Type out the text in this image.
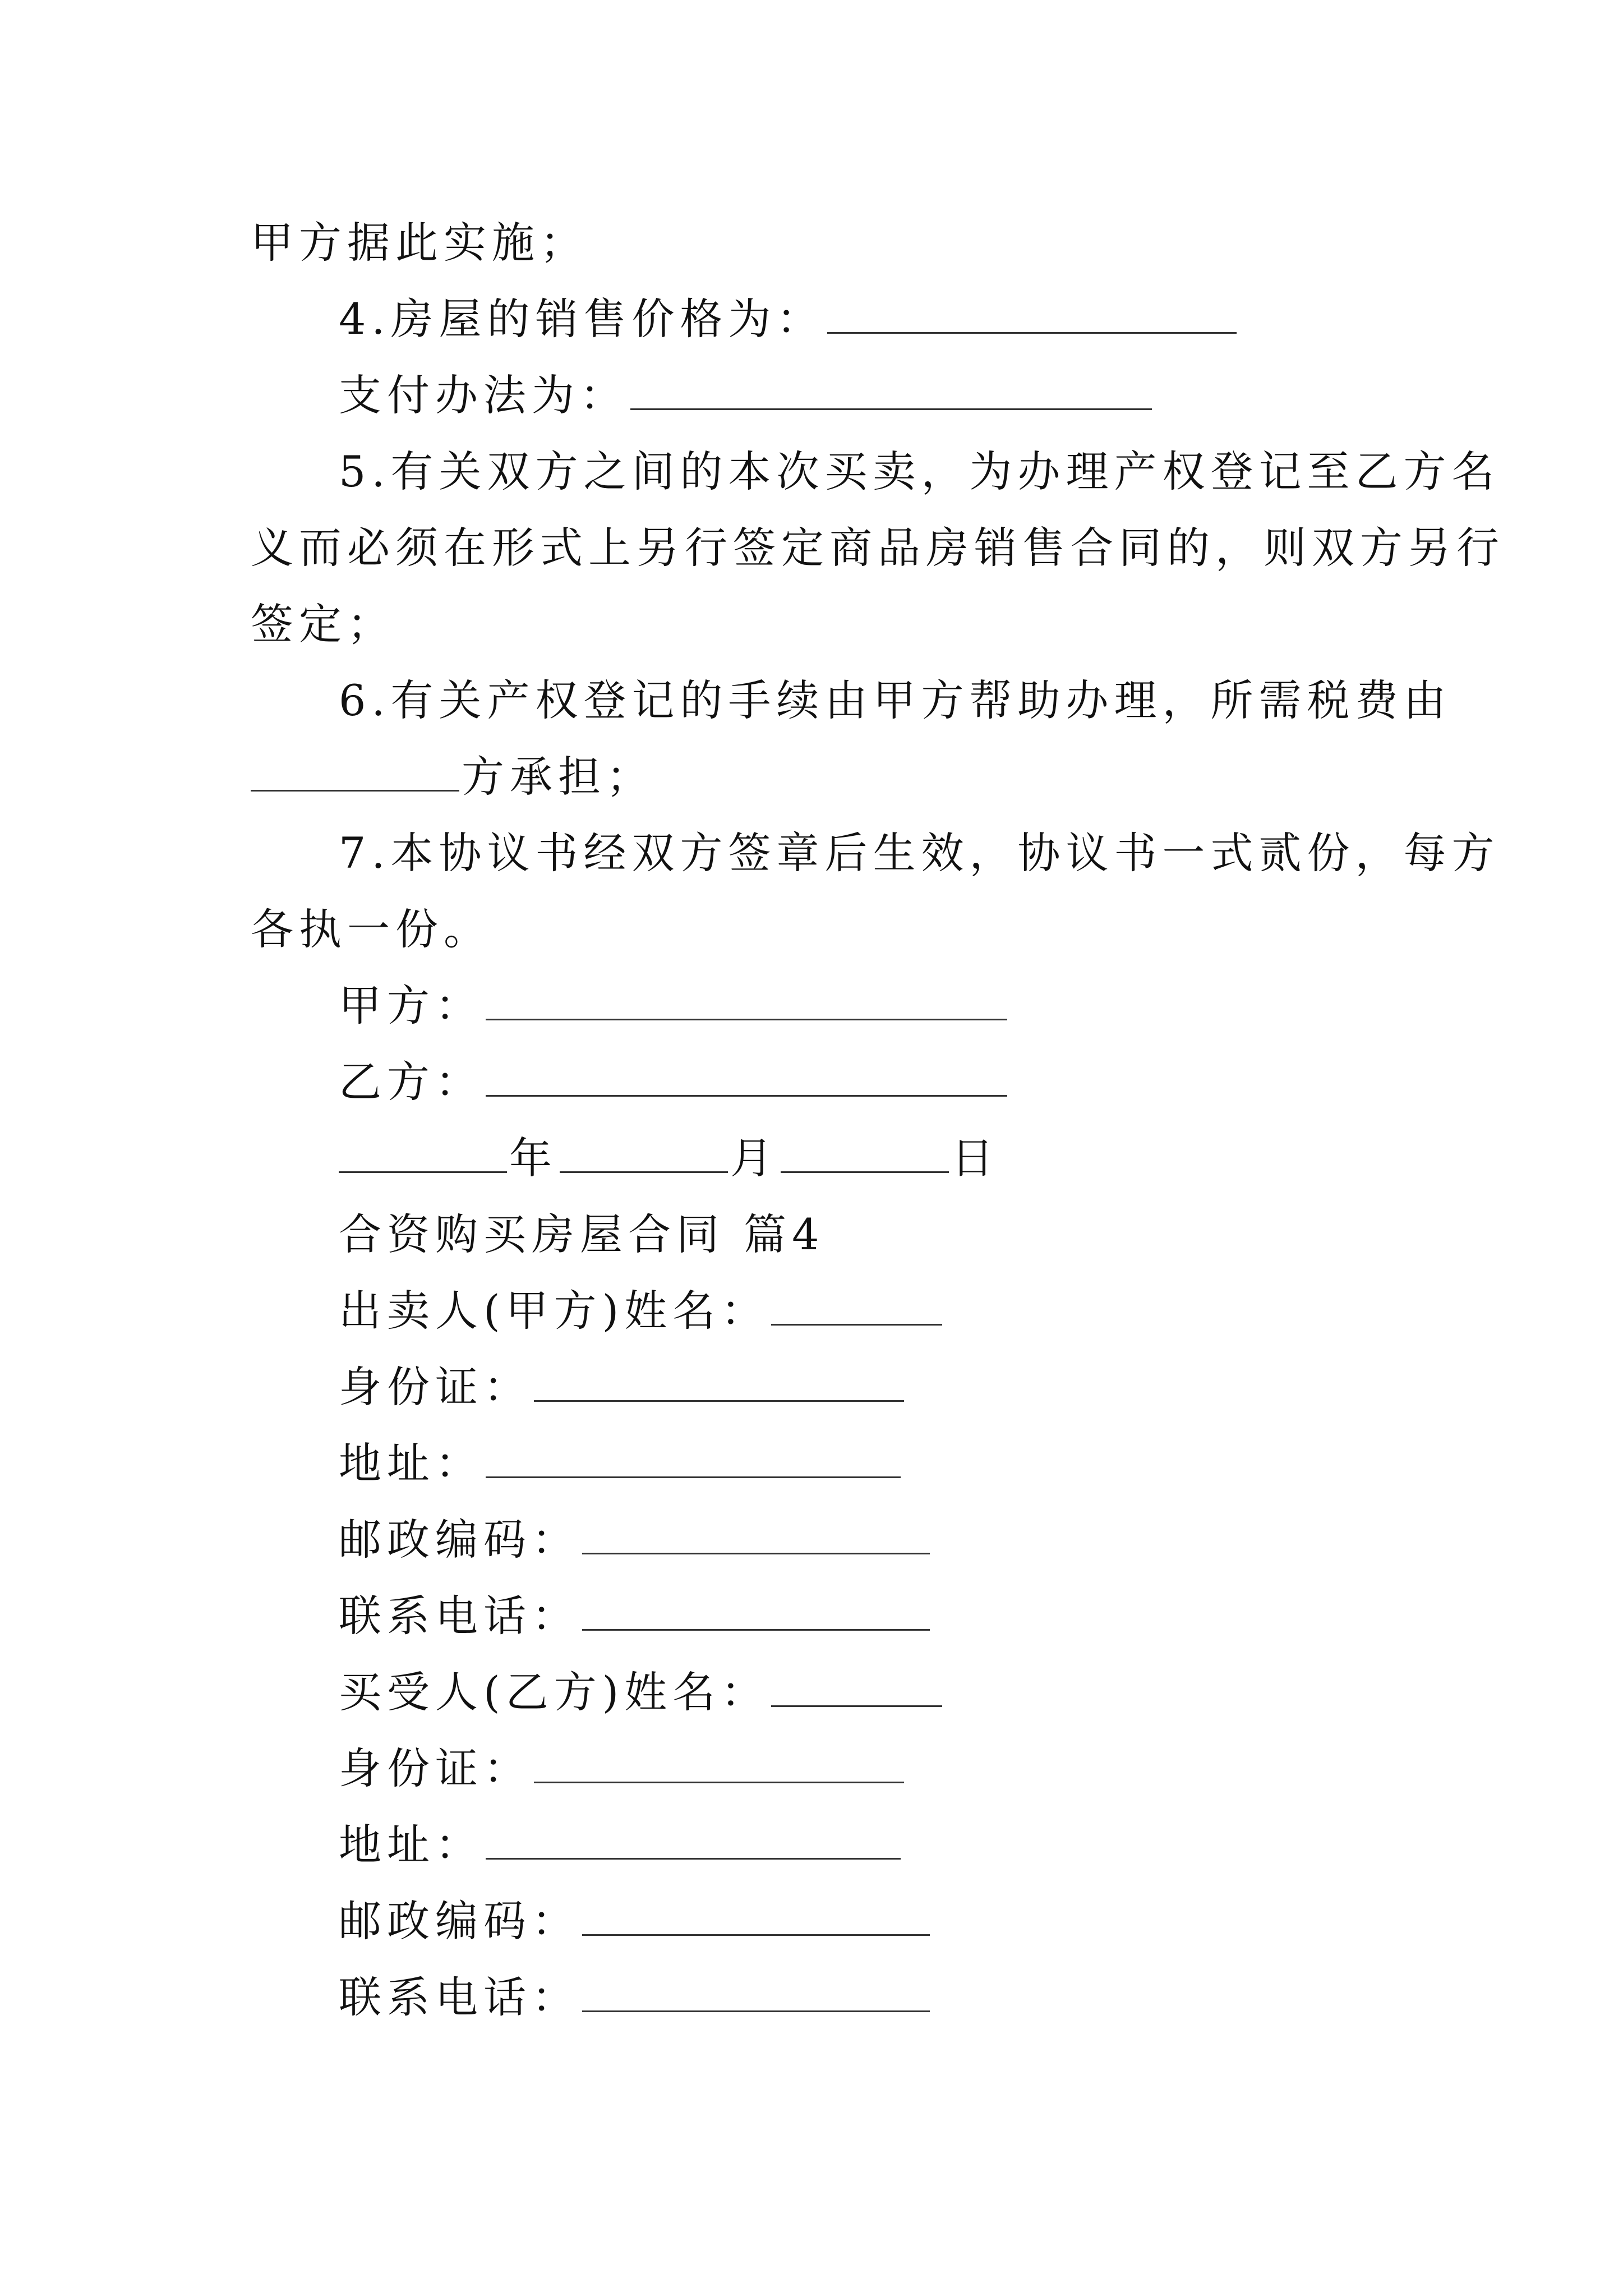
甲方据此实施；
4.房屋的销售价格为：
支付办法为：
5.有关双方之间的本次买卖，为办理产权登记至乙方名
义而必须在形式上另行签定商品房销售合同的，则双方另行
签定；
6.有关产权登记的手续由甲方帮助办理，所需税费由
方承担；
7.本协议书经双方签章后生效，协议书一式贰份，每方
各执一份。
甲方：
乙方：
年	月	日
合资购买房屋合同 篇4
出卖人(甲方)姓名：
身份证：
地址：
邮政编码：
联系电话：
买受人(乙方)姓名：
身份证：
地址：
邮政编码：
联系电话：
